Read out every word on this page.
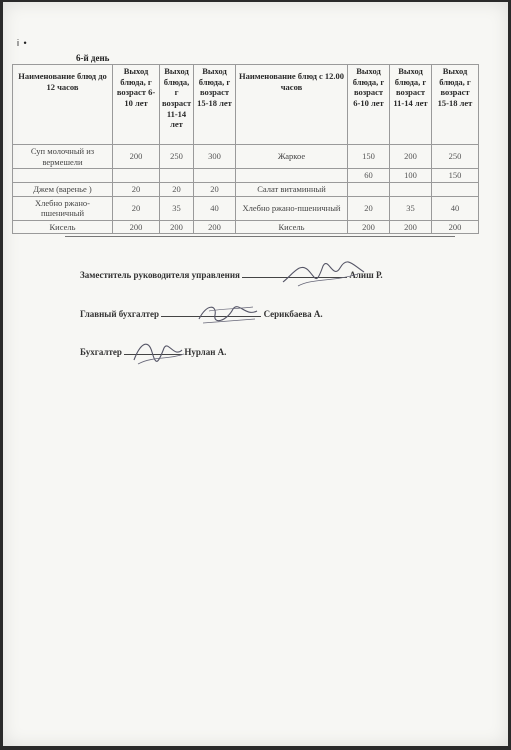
і •
6-й день
Наименование блюд до 12 часов	Выход блюда, г возраст 6-10 лет	Выход блюда, г возраст 11-14 лет	Выход блюда, г возраст 15-18 лет	Наименование блюд с 12.00 часов	Выход блюда, г возраст 6-10 лет	Выход блюда, г возраст 11-14 лет	Выход блюда, г возраст 15-18 лет
Суп молочный из вермешели	200	250	300	Жаркое	150	200	250
					60	100	150
Джем (варенье )	20	20	20	Салат витаминный			
Хлебно ржано-пшеничный	20	35	40	Хлебно ржано-пшеничный	20	35	40
Кисель	200	200	200	Кисель	200	200	200
Заместитель руководителя управления	Алиш Р.
Главный бухгалтер	Серикбаева А.
Бухгалтер	Нурлан А.
